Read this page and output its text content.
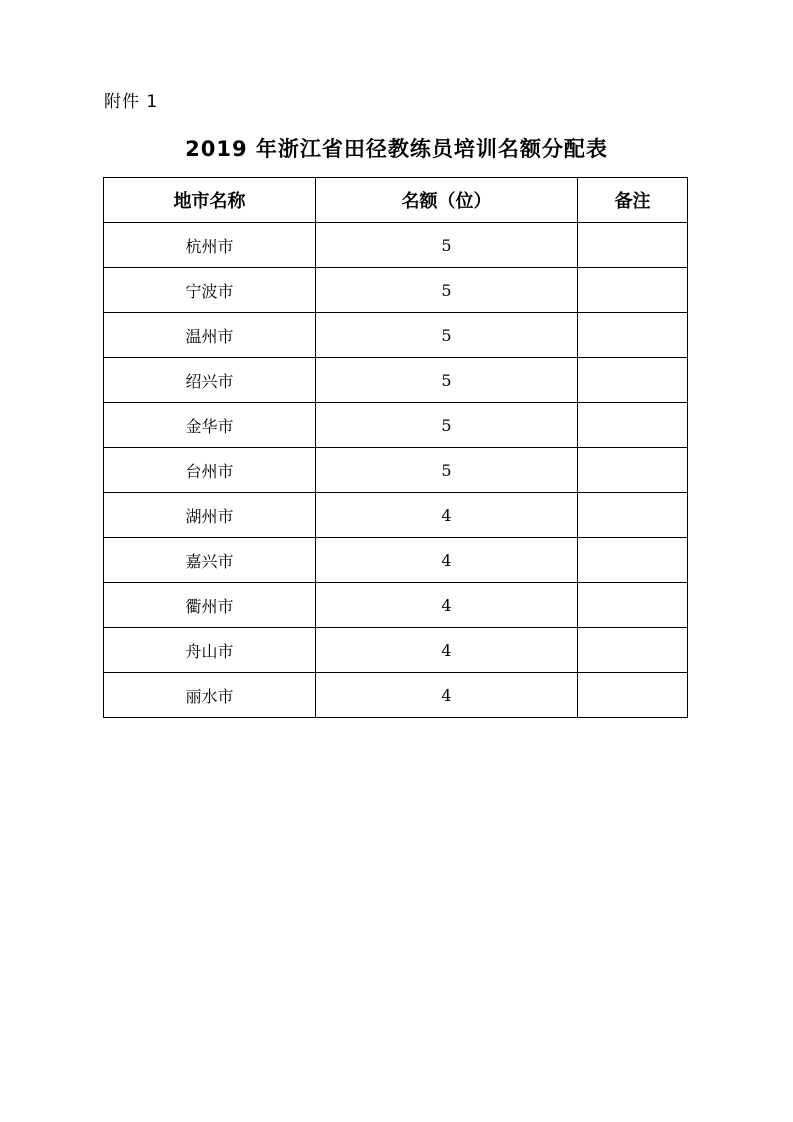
附件 1
2019 年浙江省田径教练员培训名额分配表
地市名称	名额（位）	备注
杭州市	5	
宁波市	5	
温州市	5	
绍兴市	5	
金华市	5	
台州市	5	
湖州市	4	
嘉兴市	4	
衢州市	4	
舟山市	4	
丽水市	4	
